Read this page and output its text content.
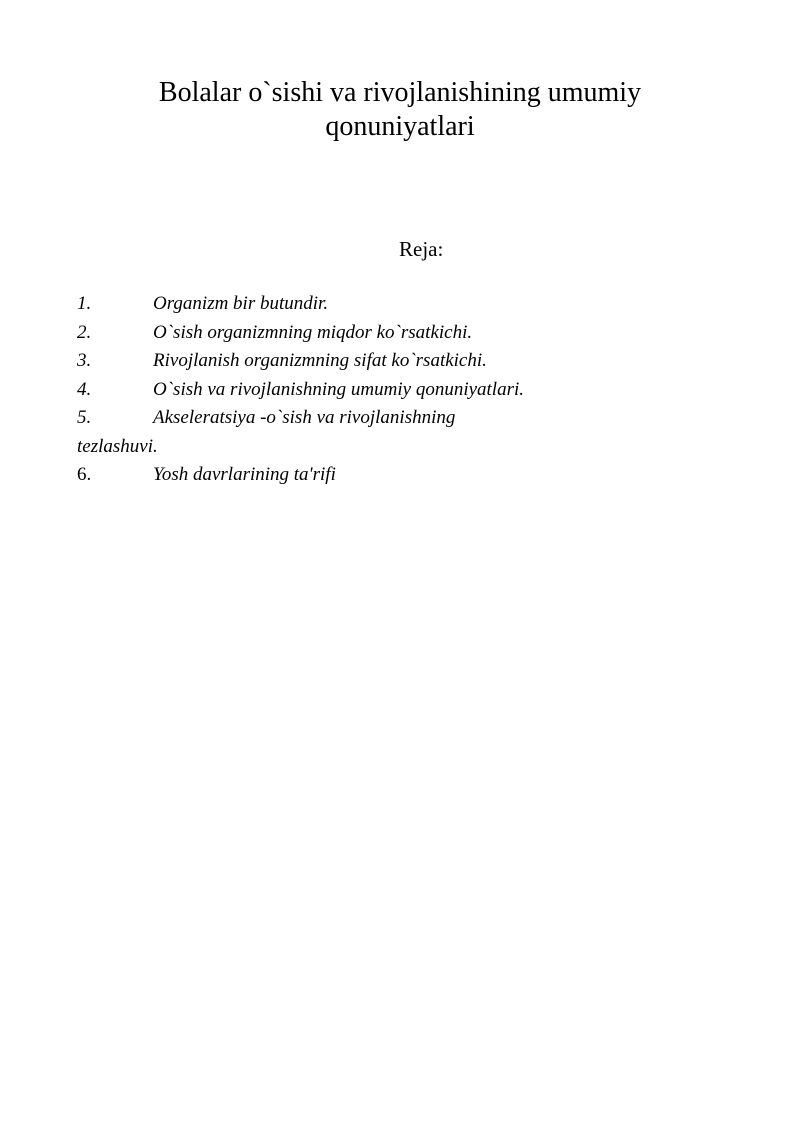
Bolalar o`sishi va rivojlanishining umumiy qonuniyatlari
Reja:
1.	Organizm bir butundir.
2.	O`sish organizmning miqdor ko`rsatkichi.
3.	Rivojlanish organizmning sifat ko`rsatkichi.
4.	O`sish va rivojlanishning umumiy qonuniyatlari.
5.	Akseleratsiya -o`sish va rivojlanishning tezlashuvi.
6.	Yosh davrlarining ta'rifi
